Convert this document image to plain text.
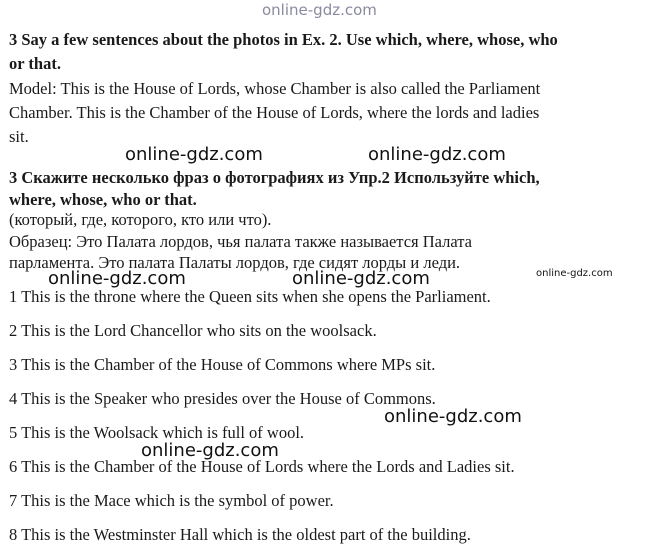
online-gdz.com
3 Say a few sentences about the photos in Ex. 2. Use which, where, whose, who
or that.
Model: This is the House of Lords, whose Chamber is also called the Parliament
Chamber. This is the Chamber of the House of Lords, where the lords and ladies
sit.
online-gdz.com	online-gdz.com
3 Скажите несколько фраз о фотографиях из Упр.2 Используйте which,
where, whose, who or that.
(который, где, которого, кто или что).
Образец: Это Палата лордов, чья палата также называется Палата
парламента. Это палата Палаты лордов, где сидят лорды и леди.
online-gdz.com	online-gdz.com	online-gdz.com
1 This is the throne where the Queen sits when she opens the Parliament.
2 This is the Lord Chancellor who sits on the woolsack.
3 This is the Chamber of the House of Commons where MPs sit.
4 This is the Speaker who presides over the House of Commons.
online-gdz.com
5 This is the Woolsack which is full of wool.
online-gdz.com
6 This is the Chamber of the House of Lords where the Lords and Ladies sit.
7 This is the Mace which is the symbol of power.
8 This is the Westminster Hall which is the oldest part of the building.
